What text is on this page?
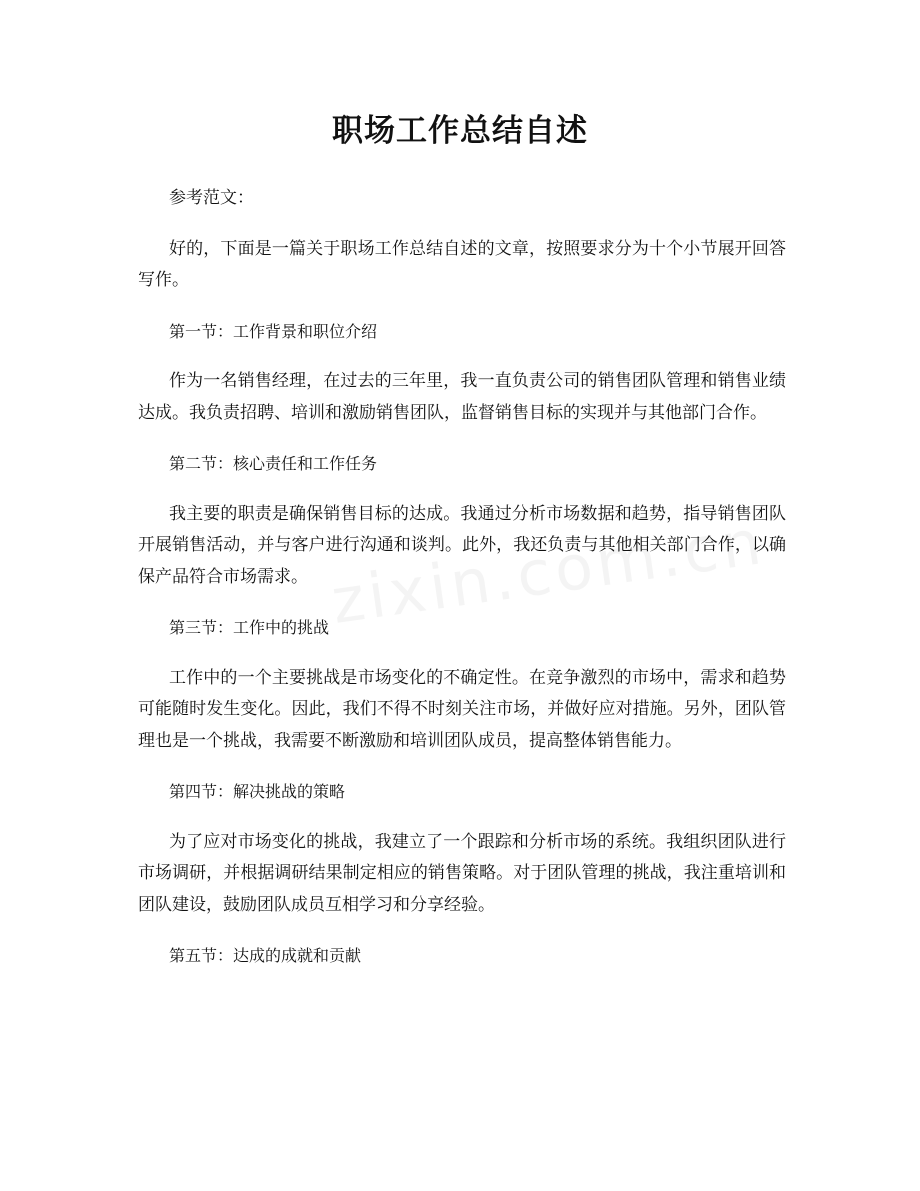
职场工作总结自述

参考范文：

好的，下面是一篇关于职场工作总结自述的文章，按照要求分为十个小节展开回答写作。

第一节：工作背景和职位介绍

作为一名销售经理，在过去的三年里，我一直负责公司的销售团队管理和销售业绩达成。我负责招聘、培训和激励销售团队，监督销售目标的实现并与其他部门合作。

第二节：核心责任和工作任务

我主要的职责是确保销售目标的达成。我通过分析市场数据和趋势，指导销售团队开展销售活动，并与客户进行沟通和谈判。此外，我还负责与其他相关部门合作，以确保产品符合市场需求。

第三节：工作中的挑战

工作中的一个主要挑战是市场变化的不确定性。在竞争激烈的市场中，需求和趋势可能随时发生变化。因此，我们不得不时刻关注市场，并做好应对措施。另外，团队管理也是一个挑战，我需要不断激励和培训团队成员，提高整体销售能力。

第四节：解决挑战的策略

为了应对市场变化的挑战，我建立了一个跟踪和分析市场的系统。我组织团队进行市场调研，并根据调研结果制定相应的销售策略。对于团队管理的挑战，我注重培训和团队建设，鼓励团队成员互相学习和分享经验。

第五节：达成的成就和贡献
